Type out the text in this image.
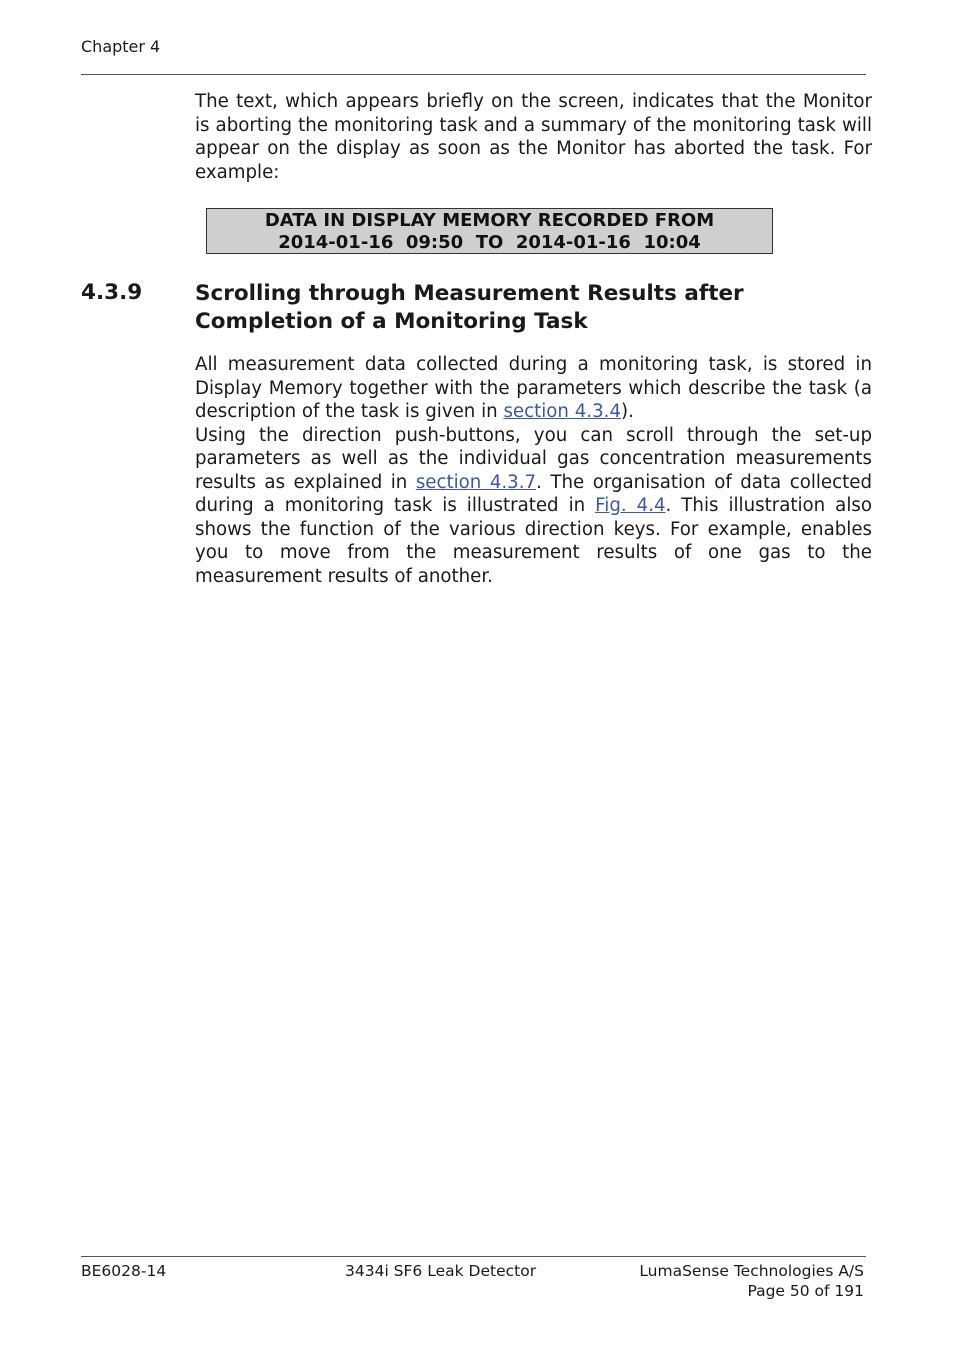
Chapter 4

The text, which appears briefly on the screen, indicates that the Monitor is aborting the monitoring task and a summary of the monitoring task will appear on the display as soon as the Monitor has aborted the task. For example:

DATA IN DISPLAY MEMORY RECORDED FROM
2014-01-16  09:50  TO  2014-01-16  10:04
4.3.9 Scrolling through Measurement Results after Completion of a Monitoring Task

All measurement data collected during a monitoring task, is stored in Display Memory together with the parameters which describe the task (a description of the task is given in section 4.3.4).
Using the direction push-buttons, you can scroll through the set-up parameters as well as the individual gas concentration measurements results as explained in section 4.3.7. The organisation of data collected during a monitoring task is illustrated in Fig. 4.4. This illustration also shows the function of the various direction keys. For example, enables you to move from the measurement results of one gas to the measurement results of another.

BE6028-14	3434i SF6 Leak Detector	LumaSense Technologies A/S
Page 50 of 191
